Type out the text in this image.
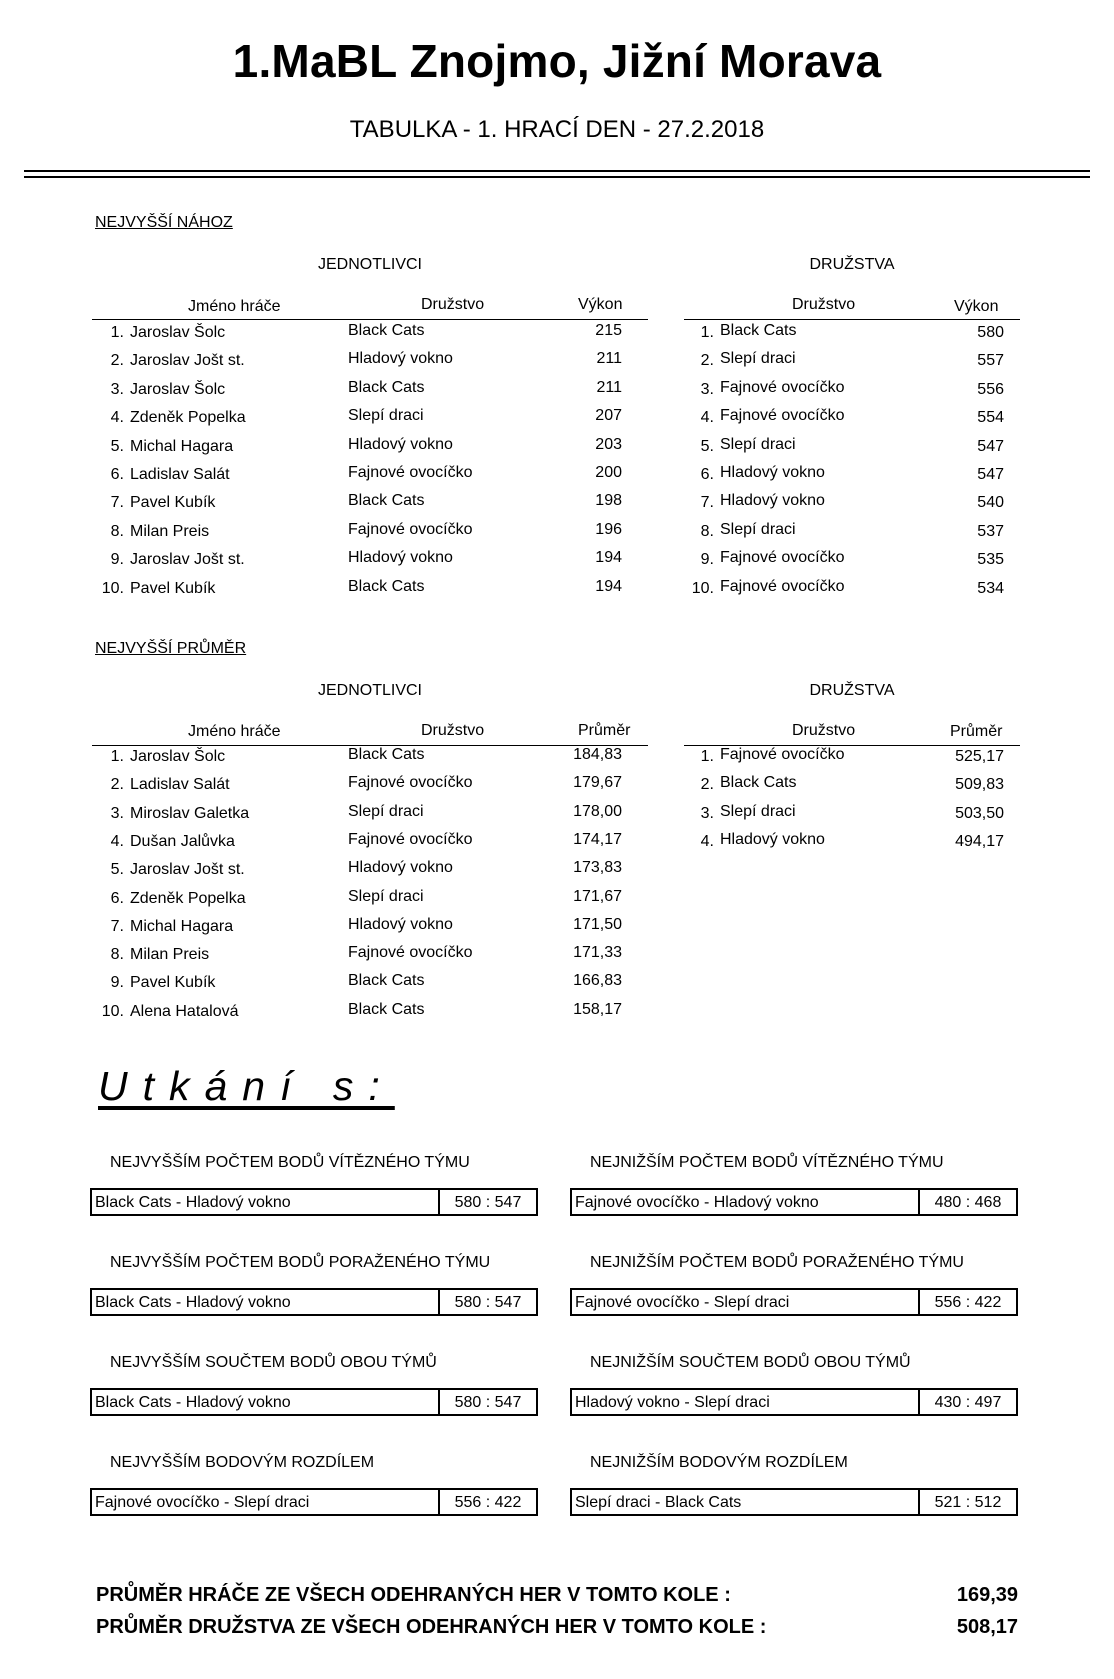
1.MaBL Znojmo, Jižní Morava
TABULKA - 1. HRACÍ DEN - 27.2.2018
NEJVYŠŠÍ NÁHOZ
JEDNOTLIVCI	DRUŽSTVA
Jméno hráče	Družstvo	Výkon	Družstvo	Výkon
1. Jaroslav Šolc	Black Cats	215
2. Jaroslav Jošt st.	Hladový vokno	211
3. Jaroslav Šolc	Black Cats	211
4. Zdeněk Popelka	Slepí draci	207
5. Michal Hagara	Hladový vokno	203
6. Ladislav Salát	Fajnové ovocíčko	200
7. Pavel Kubík	Black Cats	198
8. Milan Preis	Fajnové ovocíčko	196
9. Jaroslav Jošt st.	Hladový vokno	194
10. Pavel Kubík	Black Cats	194
1. Black Cats	580
2. Slepí draci	557
3. Fajnové ovocíčko	556
4. Fajnové ovocíčko	554
5. Slepí draci	547
6. Hladový vokno	547
7. Hladový vokno	540
8. Slepí draci	537
9. Fajnové ovocíčko	535
10. Fajnové ovocíčko	534
NEJVYŠŠÍ PRŮMĚR
JEDNOTLIVCI	DRUŽSTVA
Jméno hráče	Družstvo	Průměr	Družstvo	Průměr
1. Jaroslav Šolc	Black Cats	184,83
2. Ladislav Salát	Fajnové ovocíčko	179,67
3. Miroslav Galetka	Slepí draci	178,00
4. Dušan Jalůvka	Fajnové ovocíčko	174,17
5. Jaroslav Jošt st.	Hladový vokno	173,83
6. Zdeněk Popelka	Slepí draci	171,67
7. Michal Hagara	Hladový vokno	171,50
8. Milan Preis	Fajnové ovocíčko	171,33
9. Pavel Kubík	Black Cats	166,83
10. Alena Hatalová	Black Cats	158,17
1. Fajnové ovocíčko	525,17
2. Black Cats	509,83
3. Slepí draci	503,50
4. Hladový vokno	494,17
Utkání s:
NEJVYŠŠÍM POČTEM BODŮ VÍTĚZNÉHO TÝMU
Black Cats - Hladový vokno	580 : 547
NEJNIŽŠÍM POČTEM BODŮ VÍTĚZNÉHO TÝMU
Fajnové ovocíčko - Hladový vokno	480 : 468
NEJVYŠŠÍM POČTEM BODŮ PORAŽENÉHO TÝMU
Black Cats - Hladový vokno	580 : 547
NEJNIŽŠÍM POČTEM BODŮ PORAŽENÉHO TÝMU
Fajnové ovocíčko - Slepí draci	556 : 422
NEJVYŠŠÍM SOUČTEM BODŮ OBOU TÝMŮ
Black Cats - Hladový vokno	580 : 547
NEJNIŽŠÍM SOUČTEM BODŮ OBOU TÝMŮ
Hladový vokno - Slepí draci	430 : 497
NEJVYŠŠÍM BODOVÝM ROZDÍLEM
Fajnové ovocíčko - Slepí draci	556 : 422
NEJNIŽŠÍM BODOVÝM ROZDÍLEM
Slepí draci - Black Cats	521 : 512
PRŮMĚR HRÁČE ZE VŠECH ODEHRANÝCH HER V TOMTO KOLE :	169,39
PRŮMĚR DRUŽSTVA ZE VŠECH ODEHRANÝCH HER V TOMTO KOLE :	508,17
